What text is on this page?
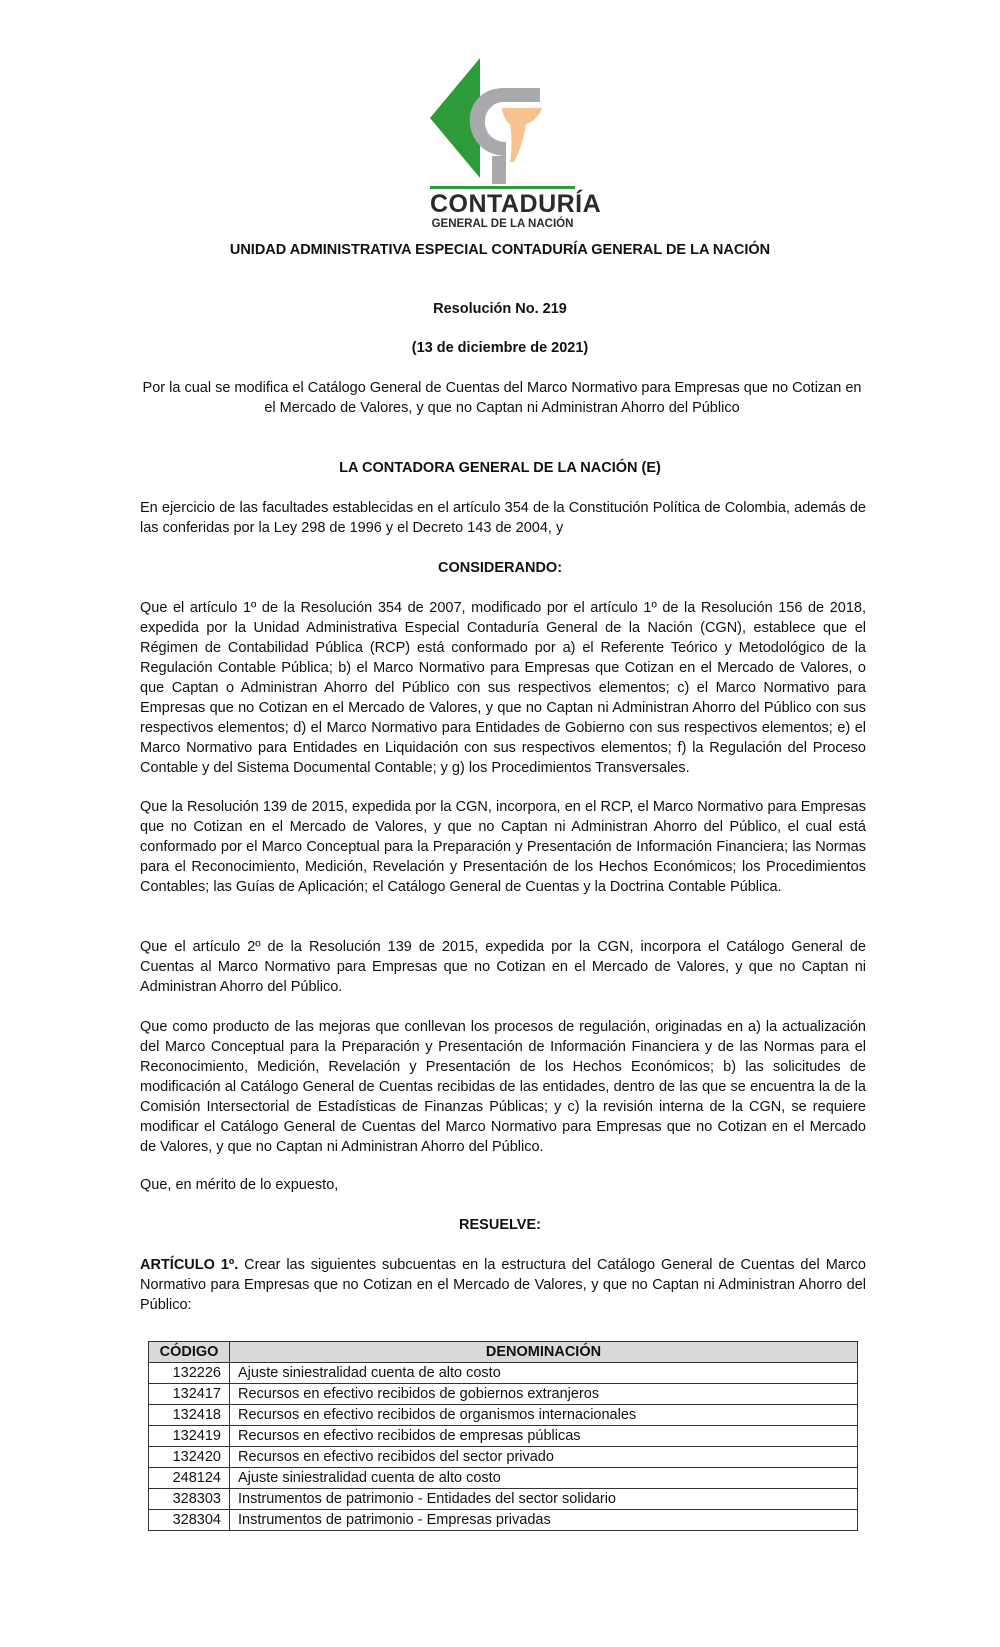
CONTADURÍA
GENERAL DE LA NACIÓN
UNIDAD ADMINISTRATIVA ESPECIAL CONTADURÍA GENERAL DE LA NACIÓN
Resolución No. 219
(13 de diciembre de 2021)
Por la cual se modifica el Catálogo General de Cuentas del Marco Normativo para Empresas que no Cotizan en el Mercado de Valores, y que no Captan ni Administran Ahorro del Público
LA CONTADORA GENERAL DE LA NACIÓN (E)
En ejercicio de las facultades establecidas en el artículo 354 de la Constitución Política de Colombia, además de las conferidas por la Ley 298 de 1996 y el Decreto 143 de 2004, y
CONSIDERANDO:
Que el artículo 1º de la Resolución 354 de 2007, modificado por el artículo 1º de la Resolución 156 de 2018, expedida por la Unidad Administrativa Especial Contaduría General de la Nación (CGN), establece que el Régimen de Contabilidad Pública (RCP) está conformado por a) el Referente Teórico y Metodológico de la Regulación Contable Pública; b) el Marco Normativo para Empresas que Cotizan en el Mercado de Valores, o que Captan o Administran Ahorro del Público con sus respectivos elementos; c) el Marco Normativo para Empresas que no Cotizan en el Mercado de Valores, y que no Captan ni Administran Ahorro del Público con sus respectivos elementos; d) el Marco Normativo para Entidades de Gobierno con sus respectivos elementos; e) el Marco Normativo para Entidades en Liquidación con sus respectivos elementos; f) la Regulación del Proceso Contable y del Sistema Documental Contable; y g) los Procedimientos Transversales.
Que la Resolución 139 de 2015, expedida por la CGN, incorpora, en el RCP, el Marco Normativo para Empresas que no Cotizan en el Mercado de Valores, y que no Captan ni Administran Ahorro del Público, el cual está conformado por el Marco Conceptual para la Preparación y Presentación de Información Financiera; las Normas para el Reconocimiento, Medición, Revelación y Presentación de los Hechos Económicos; los Procedimientos Contables; las Guías de Aplicación; el Catálogo General de Cuentas y la Doctrina Contable Pública.
Que el artículo 2º de la Resolución 139 de 2015, expedida por la CGN, incorpora el Catálogo General de Cuentas al Marco Normativo para Empresas que no Cotizan en el Mercado de Valores, y que no Captan ni Administran Ahorro del Público.
Que como producto de las mejoras que conllevan los procesos de regulación, originadas en a) la actualización del Marco Conceptual para la Preparación y Presentación de Información Financiera y de las Normas para el Reconocimiento, Medición, Revelación y Presentación de los Hechos Económicos; b) las solicitudes de modificación al Catálogo General de Cuentas recibidas de las entidades, dentro de las que se encuentra la de la Comisión Intersectorial de Estadísticas de Finanzas Públicas; y c) la revisión interna de la CGN, se requiere modificar el Catálogo General de Cuentas del Marco Normativo para Empresas que no Cotizan en el Mercado de Valores, y que no Captan ni Administran Ahorro del Público.
Que, en mérito de lo expuesto,
RESUELVE:
ARTÍCULO 1º. Crear las siguientes subcuentas en la estructura del Catálogo General de Cuentas del Marco Normativo para Empresas que no Cotizan en el Mercado de Valores, y que no Captan ni Administran Ahorro del Público:
CÓDIGO	DENOMINACIÓN
132226	Ajuste siniestralidad cuenta de alto costo
132417	Recursos en efectivo recibidos de gobiernos extranjeros
132418	Recursos en efectivo recibidos de organismos internacionales
132419	Recursos en efectivo recibidos de empresas públicas
132420	Recursos en efectivo recibidos del sector privado
248124	Ajuste siniestralidad cuenta de alto costo
328303	Instrumentos de patrimonio - Entidades del sector solidario
328304	Instrumentos de patrimonio - Empresas privadas
